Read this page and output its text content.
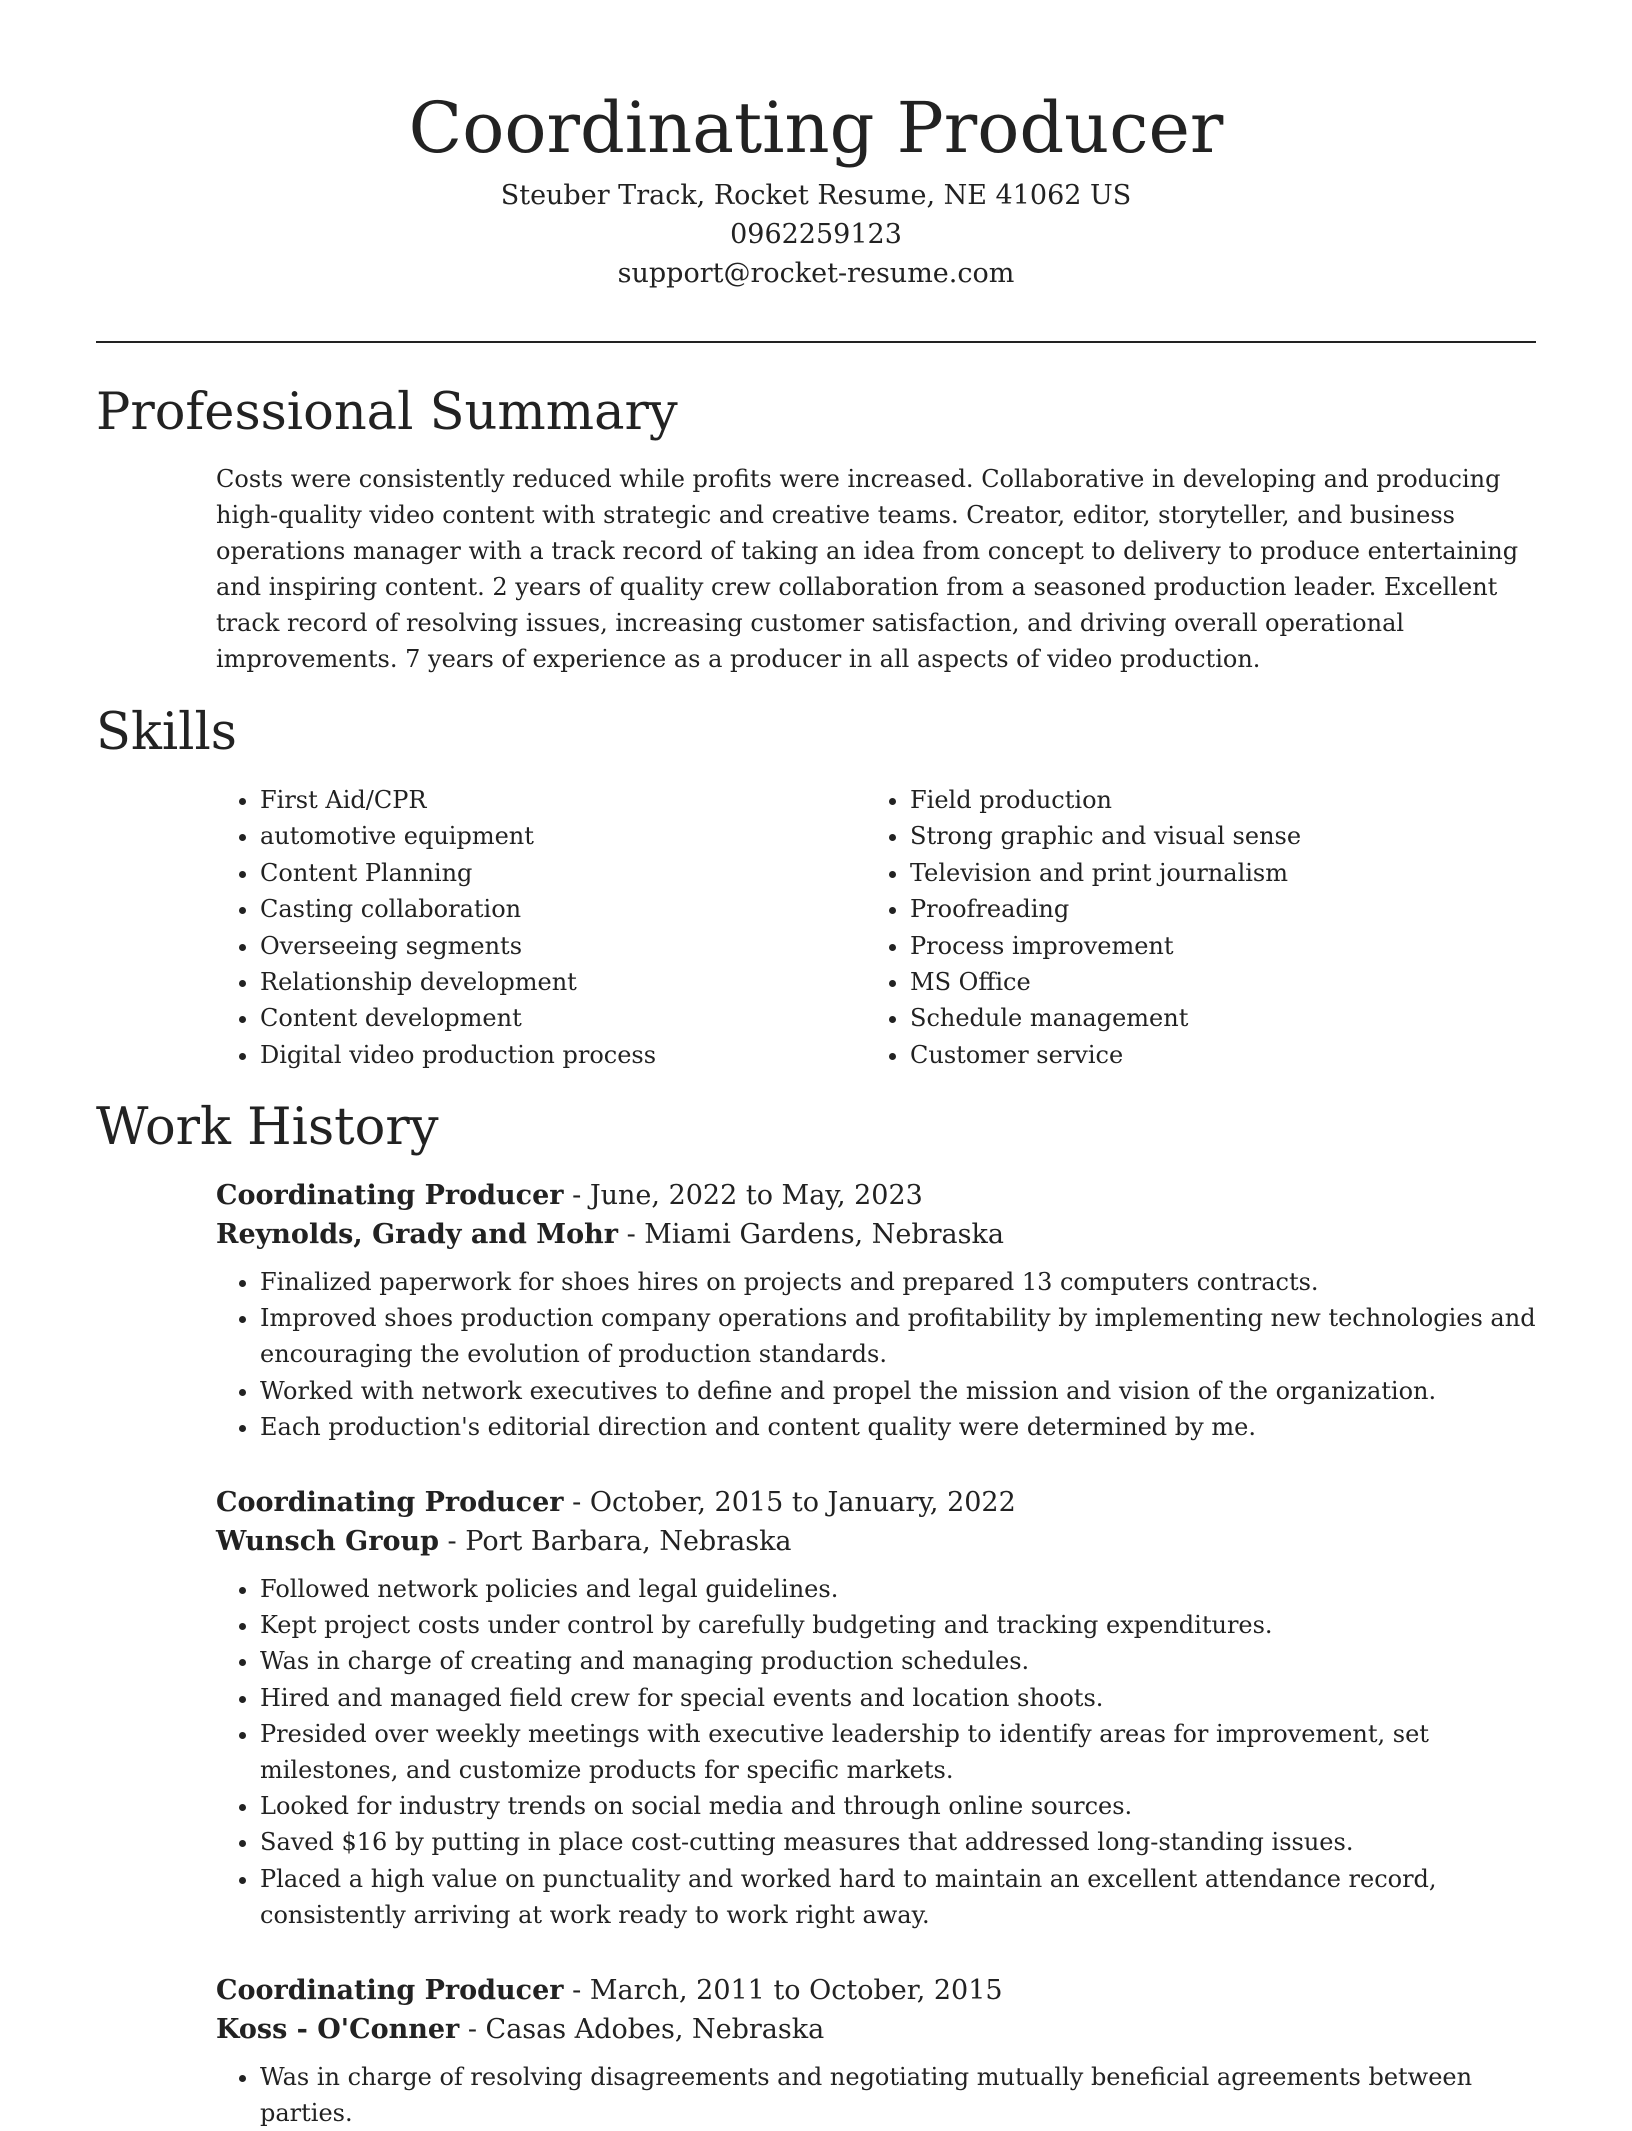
Coordinating Producer
Steuber Track, Rocket Resume, NE 41062 US
0962259123
support@rocket-resume.com
Professional Summary

Costs were consistently reduced while profits were increased. Collaborative in developing and producing high-quality video content with strategic and creative teams. Creator, editor, storyteller, and business operations manager with a track record of taking an idea from concept to delivery to produce entertaining and inspiring content. 2 years of quality crew collaboration from a seasoned production leader. Excellent track record of resolving issues, increasing customer satisfaction, and driving overall operational improvements. 7 years of experience as a producer in all aspects of video production.

Skills
• First Aid/CPR
• automotive equipment
• Content Planning
• Casting collaboration
• Overseeing segments
• Relationship development
• Content development
• Digital video production process
• Field production
• Strong graphic and visual sense
• Television and print journalism
• Proofreading
• Process improvement
• MS Office
• Schedule management
• Customer service
Work History

Coordinating Producer - June, 2022 to May, 2023

Reynolds, Grady and Mohr - Miami Gardens, Nebraska

• Finalized paperwork for shoes hires on projects and prepared 13 computers contracts.
• Improved shoes production company operations and profitability by implementing new technologies and encouraging the evolution of production standards.
• Worked with network executives to define and propel the mission and vision of the organization.
• Each production's editorial direction and content quality were determined by me.

Coordinating Producer - October, 2015 to January, 2022

Wunsch Group - Port Barbara, Nebraska

• Followed network policies and legal guidelines.
• Kept project costs under control by carefully budgeting and tracking expenditures.
• Was in charge of creating and managing production schedules.
• Hired and managed field crew for special events and location shoots.
• Presided over weekly meetings with executive leadership to identify areas for improvement, set milestones, and customize products for specific markets.
• Looked for industry trends on social media and through online sources.
• Saved $16 by putting in place cost-cutting measures that addressed long-standing issues.
• Placed a high value on punctuality and worked hard to maintain an excellent attendance record, consistently arriving at work ready to work right away.

Coordinating Producer - March, 2011 to October, 2015

Koss - O'Conner - Casas Adobes, Nebraska

• Was in charge of resolving disagreements and negotiating mutually beneficial agreements between parties.
